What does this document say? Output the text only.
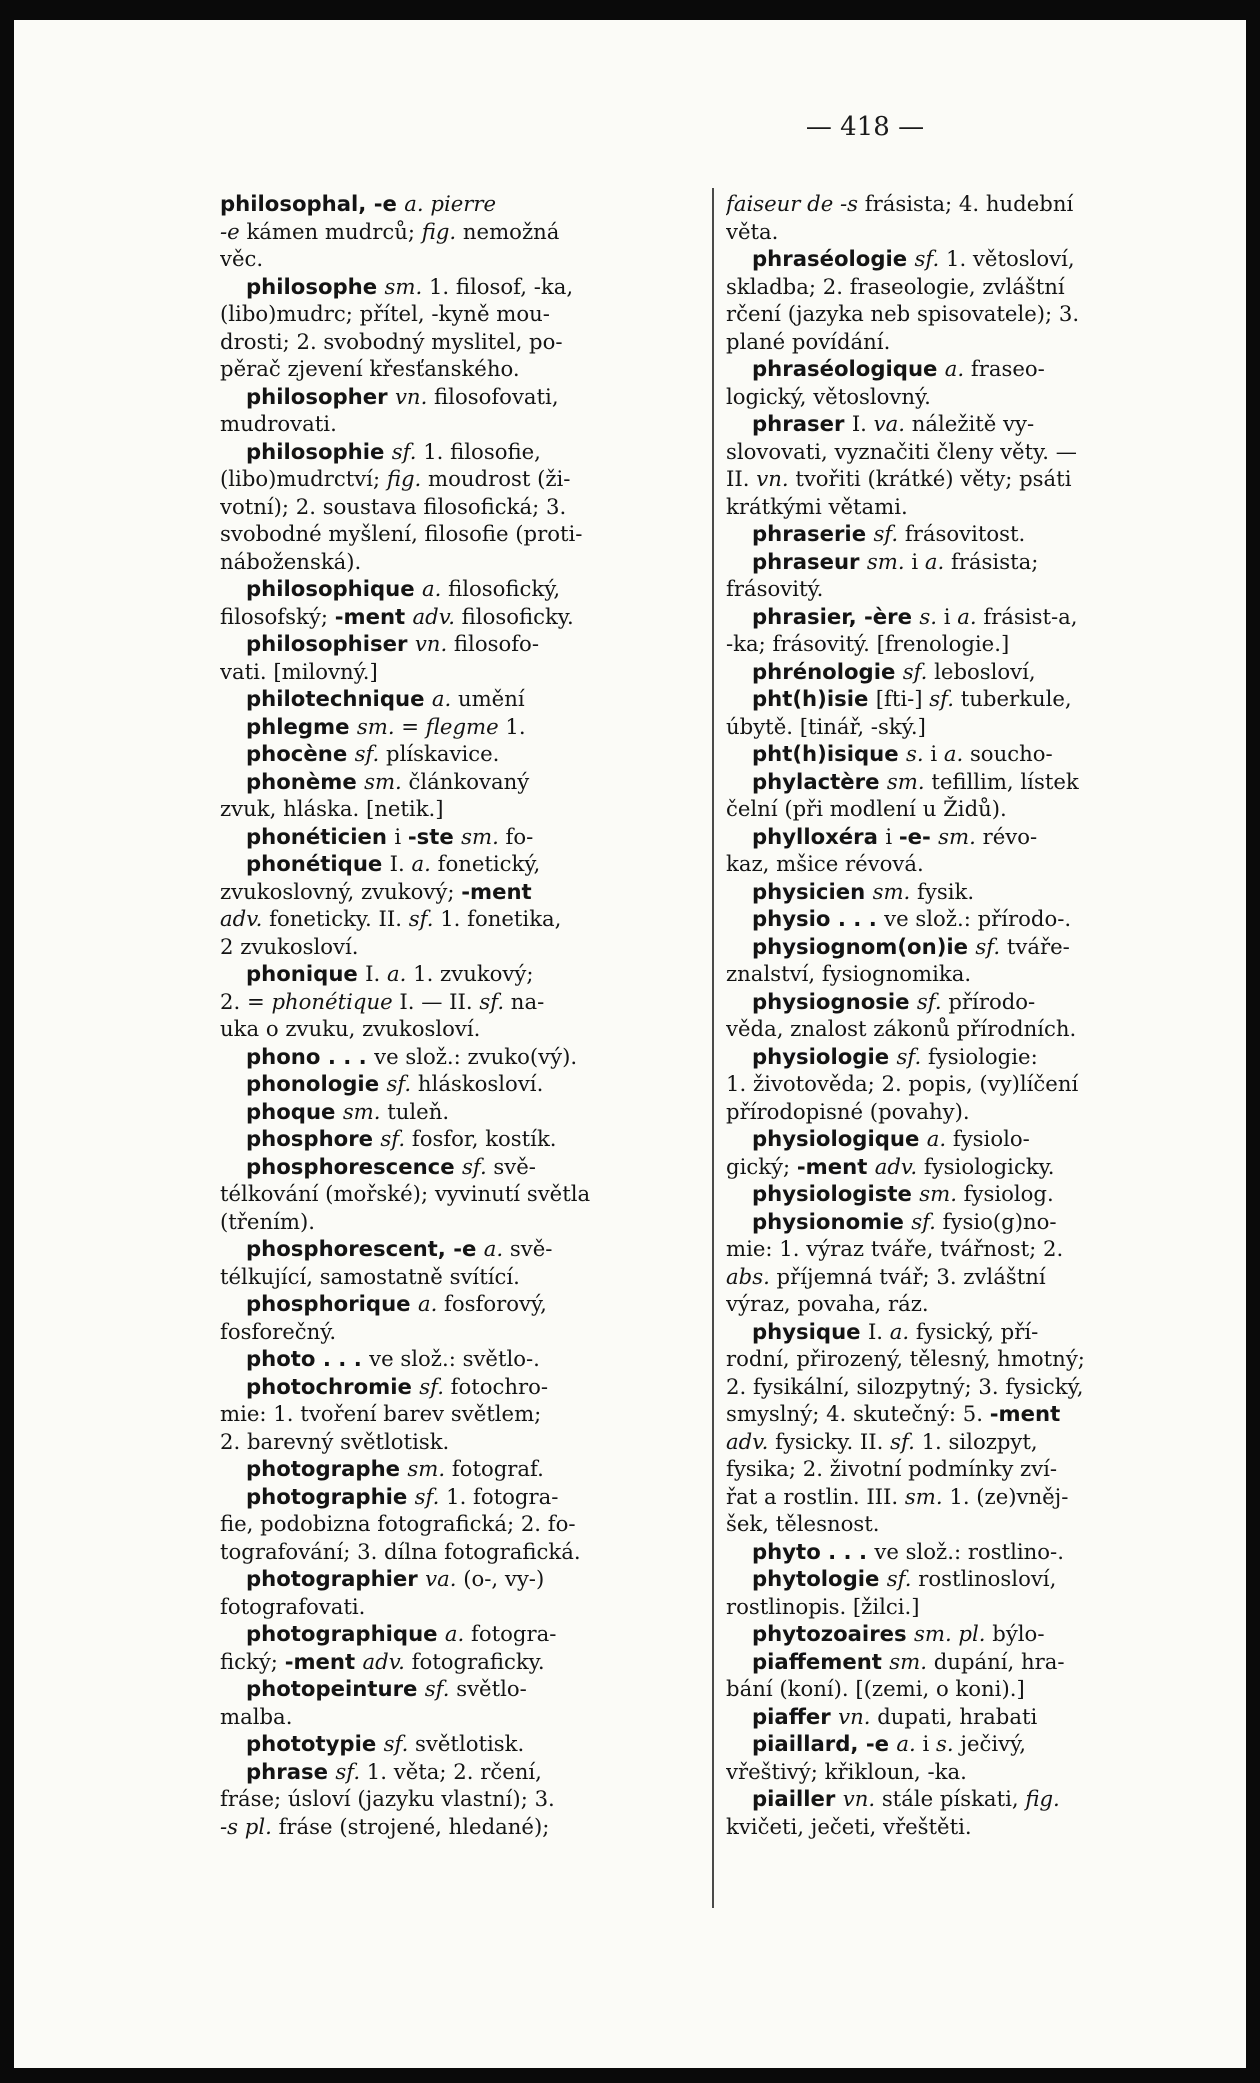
— 418 —
philosophal, -e a. pierre
-e kámen mudrců; fig. nemožná
věc.
philosophe sm. 1. filosof, -ka,
(libo)mudrc; přítel, -kyně mou-
drosti; 2. svobodný myslitel, po-
pěrač zjevení křesťanského.
philosopher vn. filosofovati,
mudrovati.
philosophie sf. 1. filosofie,
(libo)mudrctví; fig. moudrost (ži-
votní); 2. soustava filosofická; 3.
svobodné myšlení, filosofie (proti-
náboženská).
philosophique a. filosofický,
filosofský; -ment adv. filosoficky.
philosophiser vn. filosofo-
vati. [milovný.]
philotechnique a. umění
phlegme sm. = flegme 1.
phocène sf. plískavice.
phonème sm. článkovaný
zvuk, hláska. [netik.]
phonéticien i -ste sm. fo-
phonétique I. a. fonetický,
zvukoslovný, zvukový; -ment
adv. foneticky. II. sf. 1. fonetika,
2 zvukosloví.
phonique I. a. 1. zvukový;
2. = phonétique I. — II. sf. na-
uka o zvuku, zvukosloví.
phono . . . ve slož.: zvuko(vý).
phonologie sf. hláskosloví.
phoque sm. tuleň.
phosphore sf. fosfor, kostík.
phosphorescence sf. svě-
télkování (mořské); vyvinutí světla
(třením).
phosphorescent, -e a. svě-
télkující, samostatně svítící.
phosphorique a. fosforový,
fosforečný.
photo . . . ve slož.: světlo-.
photochromie sf. fotochro-
mie: 1. tvoření barev světlem;
2. barevný světlotisk.
photographe sm. fotograf.
photographie sf. 1. fotogra-
fie, podobizna fotografická; 2. fo-
tografování; 3. dílna fotografická.
photographier va. (o-, vy-)
fotografovati.
photographique a. fotogra-
fický; -ment adv. fotograficky.
photopeinture sf. světlo-
malba.
phototypie sf. světlotisk.
phrase sf. 1. věta; 2. rčení,
fráse; úsloví (jazyku vlastní); 3.
-s pl. fráse (strojené, hledané);
faiseur de -s frásista; 4. hudební
věta.
phraséologie sf. 1. větosloví,
skladba; 2. fraseologie, zvláštní
rčení (jazyka neb spisovatele); 3.
plané povídání.
phraséologique a. fraseo-
logický, větoslovný.
phraser I. va. náležitě vy-
slovovati, vyznačiti členy věty. —
II. vn. tvořiti (krátké) věty; psáti
krátkými větami.
phraserie sf. frásovitost.
phraseur sm. i a. frásista;
frásovitý.
phrasier, -ère s. i a. frásist-a,
-ka; frásovitý. [frenologie.]
phrénologie sf. lebosloví,
pht(h)isie [fti-] sf. tuberkule,
úbytě. [tinář, -ský.]
pht(h)isique s. i a. soucho-
phylactère sm. tefillim, lístek
čelní (při modlení u Židů).
phylloxéra i -e- sm. révo-
kaz, mšice révová.
physicien sm. fysik.
physio . . . ve slož.: přírodo-.
physiognom(on)ie sf. tváře-
znalství, fysiognomika.
physiognosie sf. přírodo-
věda, znalost zákonů přírodních.
physiologie sf. fysiologie:
1. životověda; 2. popis, (vy)líčení
přírodopisné (povahy).
physiologique a. fysiolo-
gický; -ment adv. fysiologicky.
physiologiste sm. fysiolog.
physionomie sf. fysio(g)no-
mie: 1. výraz tváře, tvářnost; 2.
abs. příjemná tvář; 3. zvláštní
výraz, povaha, ráz.
physique I. a. fysický, pří-
rodní, přirozený, tělesný, hmotný;
2. fysikální, silozpytný; 3. fysický,
smyslný; 4. skutečný: 5. -ment
adv. fysicky. II. sf. 1. silozpyt,
fysika; 2. životní podmínky zví-
řat a rostlin. III. sm. 1. (ze)vněj-
šek, tělesnost.
phyto . . . ve slož.: rostlino-.
phytologie sf. rostlinosloví,
rostlinopis. [žilci.]
phytozoaires sm. pl. býlo-
piaffement sm. dupání, hra-
bání (koní). [(zemi, o koni).]
piaffer vn. dupati, hrabati
piaillard, -e a. i s. ječivý,
vřeštivý; křikloun, -ka.
piailler vn. stále pískati, fig.
kvičeti, ječeti, vřeštěti.
